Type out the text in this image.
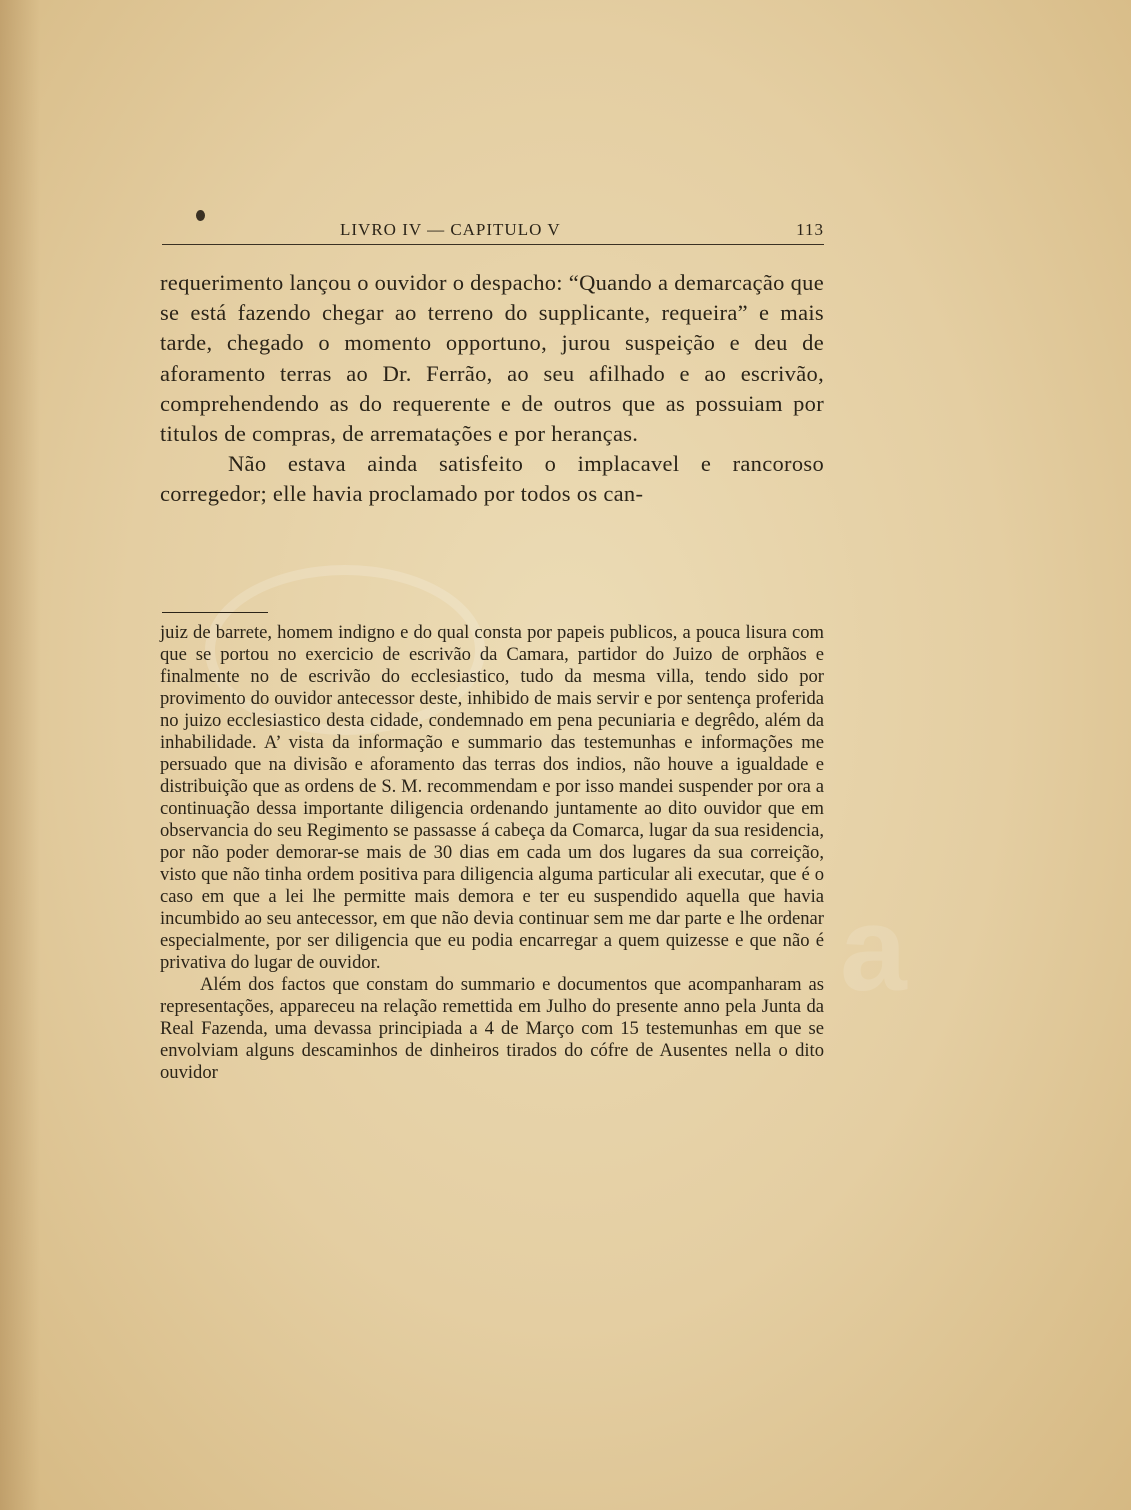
a
LIVRO IV — CAPITULO V	113

requerimento lançou o ouvidor o despacho: “Quando a demarcação que se está fazendo chegar ao terreno do supplicante, requeira” e mais tarde, chegado o momento opportuno, jurou suspeição e deu de aforamento terras ao Dr. Ferrão, ao seu afilhado e ao escrivão, comprehendendo as do requerente e de outros que as possuiam por titulos de compras, de arrematações e por heranças.

Não estava ainda satisfeito o implacavel e rancoroso corregedor; elle havia proclamado por todos os can-

juiz de barrete, homem indigno e do qual consta por papeis publicos, a pouca lisura com que se portou no exercicio de escrivão da Camara, partidor do Juizo de orphãos e finalmente no de escrivão do ecclesiastico, tudo da mesma villa, tendo sido por provimento do ouvidor antecessor deste, inhibido de mais servir e por sentença proferida no juizo ecclesiastico desta cidade, condemnado em pena pecuniaria e degrêdo, além da inhabilidade. A’ vista da informação e summario das testemunhas e informações me persuado que na divisão e aforamento das terras dos indios, não houve a igualdade e distribuição que as ordens de S. M. recommendam e por isso mandei suspender por ora a continuação dessa importante diligencia ordenando juntamente ao dito ouvidor que em observancia do seu Regimento se passasse á cabeça da Comarca, lugar da sua residencia, por não poder demorar-se mais de 30 dias em cada um dos lugares da sua correição, visto que não tinha ordem positiva para diligencia alguma particular ali executar, que é o caso em que a lei lhe permitte mais demora e ter eu suspendido aquella que havia incumbido ao seu antecessor, em que não devia continuar sem me dar parte e lhe ordenar especialmente, por ser diligencia que eu podia encarregar a quem quizesse e que não é privativa do lugar de ouvidor.

Além dos factos que constam do summario e documentos que acompanharam as representações, appareceu na relação remettida em Julho do presente anno pela Junta da Real Fazenda, uma devassa principiada a 4 de Março com 15 testemunhas em que se envolviam alguns descaminhos de dinheiros tirados do cófre de Ausentes nella o dito ouvidor
